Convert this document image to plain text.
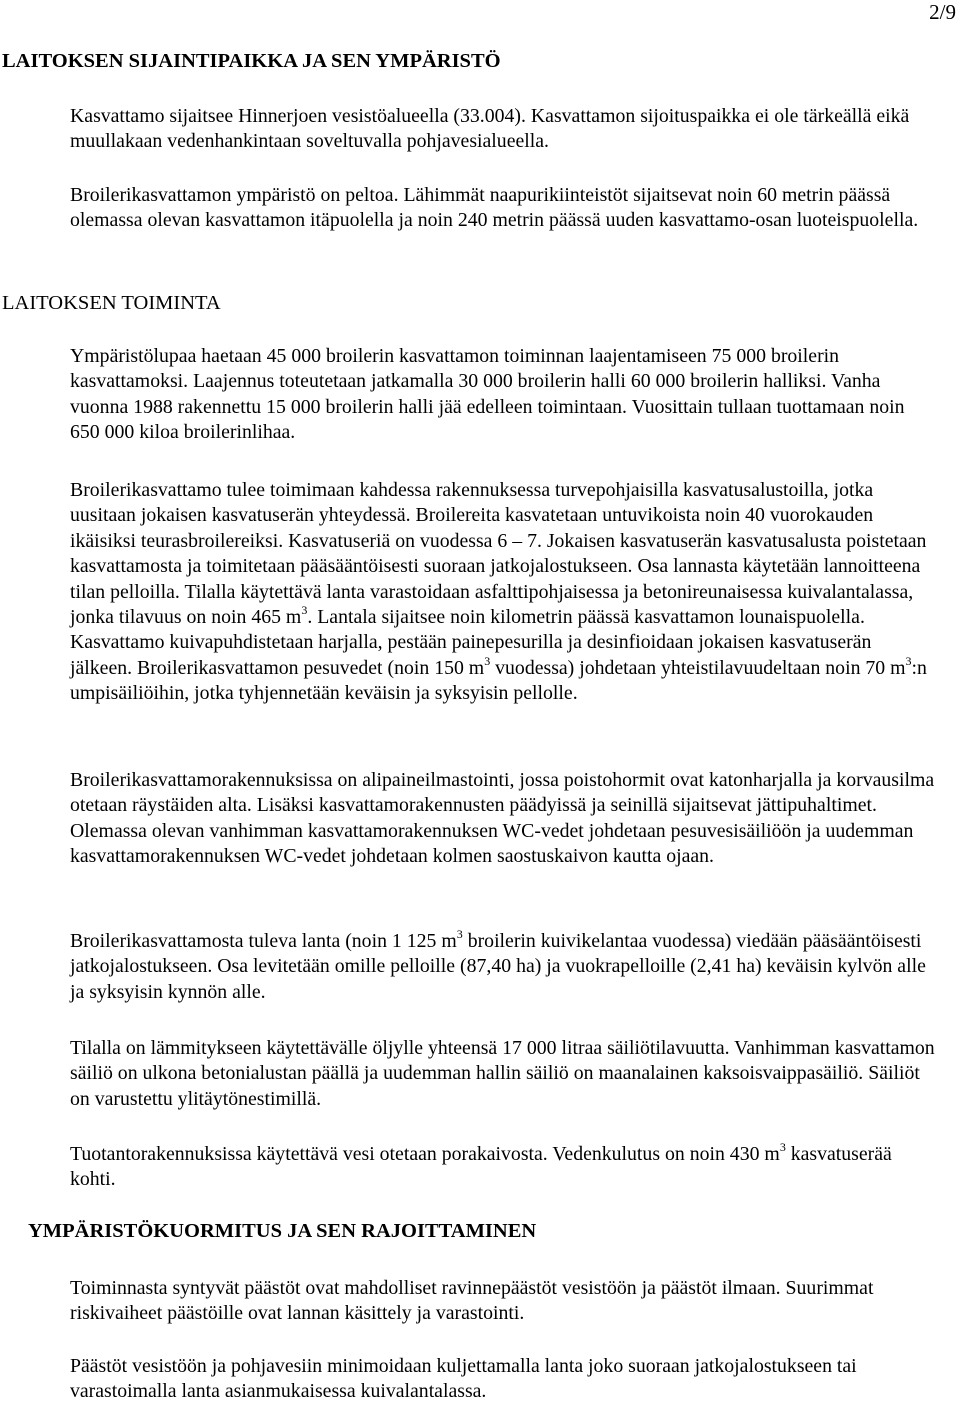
2/9
LAITOKSEN SIJAINTIPAIKKA JA SEN YMPÄRISTÖ
Kasvattamo sijaitsee Hinnerjoen vesistöalueella (33.004). Kasvattamon sijoituspaikka ei ole tärkeällä eikä muullakaan vedenhankintaan soveltuvalla pohjavesialueella.
Broilerikasvattamon ympäristö on peltoa. Lähimmät naapurikiinteistöt sijaitsevat noin 60 metrin päässä olemassa olevan kasvattamon itäpuolella ja noin 240 metrin päässä uuden kasvattamo-osan luoteispuolella.
LAITOKSEN TOIMINTA
Ympäristölupaa haetaan 45 000 broilerin kasvattamon toiminnan laajentamiseen 75 000 broilerin kasvattamoksi. Laajennus toteutetaan jatkamalla 30 000 broilerin halli 60 000 broilerin halliksi. Vanha vuonna 1988 rakennettu 15 000 broilerin halli jää edelleen toimintaan. Vuosittain tullaan tuottamaan noin 650 000 kiloa broilerinlihaa.
Broilerikasvattamo tulee toimimaan kahdessa rakennuksessa turvepohjaisilla kasvatusalustoilla, jotka uusitaan jokaisen kasvatuserän yhteydessä. Broilereita kasvatetaan untuvikoista noin 40 vuorokauden ikäisiksi teurasbroilereiksi. Kasvatuseriä on vuodessa 6 – 7. Jokaisen kasvatuserän kasvatusalusta poistetaan kasvattamosta ja toimitetaan pääsääntöisesti suoraan jatkojalostukseen. Osa lannasta käytetään lannoitteena tilan pelloilla. Tilalla käytettävä lanta varastoidaan asfalttipohjaisessa ja betonireunaisessa kuivalantalassa, jonka tilavuus on noin 465 $m^3$. Lantala sijaitsee noin kilometrin päässä kasvattamon lounaispuolella. Kasvattamo kuivapuhdistetaan harjalla, pestään painepesurilla ja desinfioidaan jokaisen kasvatuserän jälkeen. Broilerikasvattamon pesuvedet (noin 150 $m^3$ vuodessa) johdetaan yhteistilavuudeltaan noin 70 $m^3:n$ umpisäiliöihin, jotka tyhjennetään keväisin ja syksyisin pellolle.
Broilerikasvattamorakennuksissa on alipaineilmastointi, jossa poistohormit ovat katonharjalla ja korvausilma otetaan räystäiden alta. Lisäksi kasvattamorakennusten päädyissä ja seinillä sijaitsevat jättipuhaltimet. Olemassa olevan vanhimman kasvattamorakennuksen WC-vedet johdetaan pesuvesisäiliöön ja uudemman kasvattamorakennuksen WC-vedet johdetaan kolmen saostuskaivon kautta ojaan.
Broilerikasvattamosta tuleva lanta (noin 1 125 $m^3$ broilerin kuivikelantaa vuodessa) viedään pääsääntöisesti jatkojalostukseen. Osa levitetään omille pelloille (87,40 ha) ja vuokrapelloille (2,41 ha) keväisin kylvön alle ja syksyisin kynnön alle.
Tilalla on lämmitykseen käytettävälle öljylle yhteensä 17 000 litraa säiliötilavuutta. Vanhimman kasvattamon säiliö on ulkona betonialustan päällä ja uudemman hallin säiliö on maanalainen kaksoisvaippasäiliö. Säiliöt on varustettu ylitäytönestimillä.
Tuotantorakennuksissa käytettävä vesi otetaan porakaivosta. Vedenkulutus on noin 430 $m^3$ kasvatuserää kohti.
YMPÄRISTÖKUORMITUS JA SEN RAJOITTAMINEN
Toiminnasta syntyvät päästöt ovat mahdolliset ravinnepäästöt vesistöön ja päästöt ilmaan. Suurimmat riskivaiheet päästöille ovat lannan käsittely ja varastointi.
Päästöt vesistöön ja pohjavesiin minimoidaan kuljettamalla lanta joko suoraan jatkojalostukseen tai varastoimalla lanta asianmukaisessa kuivalantalassa.
